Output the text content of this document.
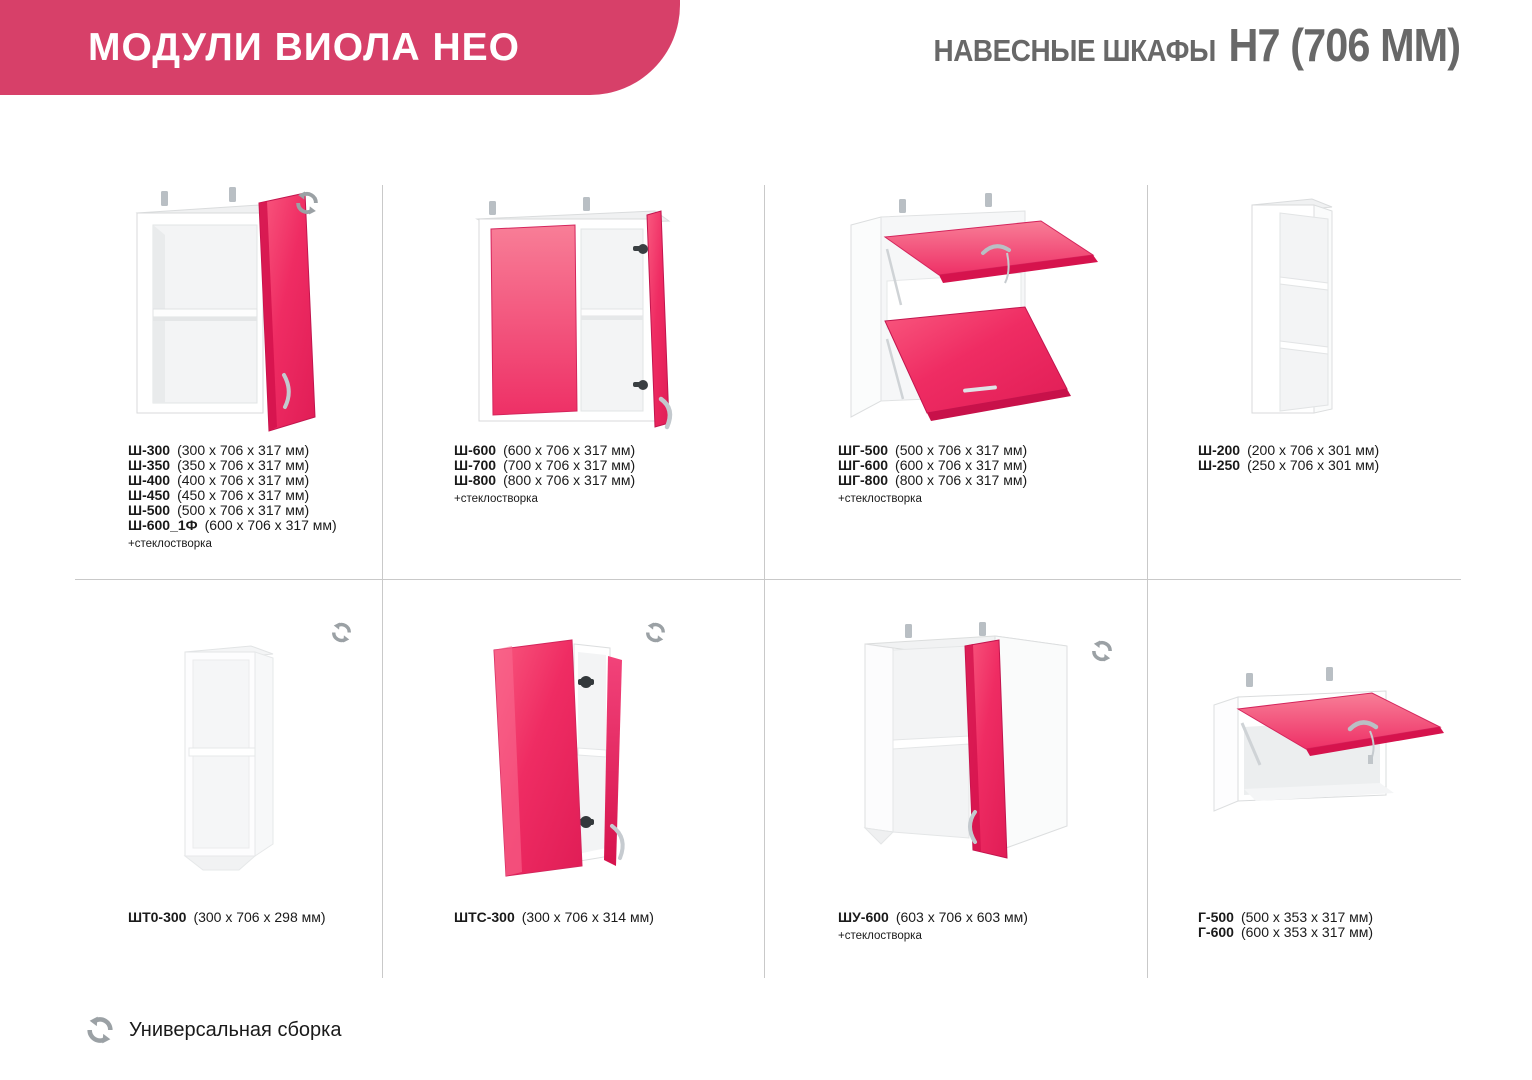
МОДУЛИ ВИОЛА НЕО	НАВЕСНЫЕ ШКАФЫ Н7 (706 ММ)
Ш-300 (300 x 706 x 317 мм)
Ш-350 (350 x 706 x 317 мм)
Ш-400 (400 x 706 x 317 мм)
Ш-450 (450 x 706 x 317 мм)
Ш-500 (500 x 706 x 317 мм)
Ш-600_1Ф (600 x 706 x 317 мм)
+стеклостворка
Ш-600 (600 x 706 x 317 мм)
Ш-700 (700 x 706 x 317 мм)
Ш-800 (800 x 706 x 317 мм)
+стеклостворка
ШГ-500 (500 x 706 x 317 мм)
ШГ-600 (600 x 706 x 317 мм)
ШГ-800 (800 x 706 x 317 мм)
+стеклостворка
Ш-200 (200 x 706 x 301 мм)
Ш-250 (250 x 706 x 301 мм)
ШТ0-300 (300 x 706 x 298 мм)	ШТС-300 (300 x 706 x 314 мм)	ШУ-600 (603 x 706 x 603 мм)
+стеклостворка
Г-500 (500 x 353 x 317 мм)
Г-600 (600 x 353 x 317 мм)
Универсальная сборка
